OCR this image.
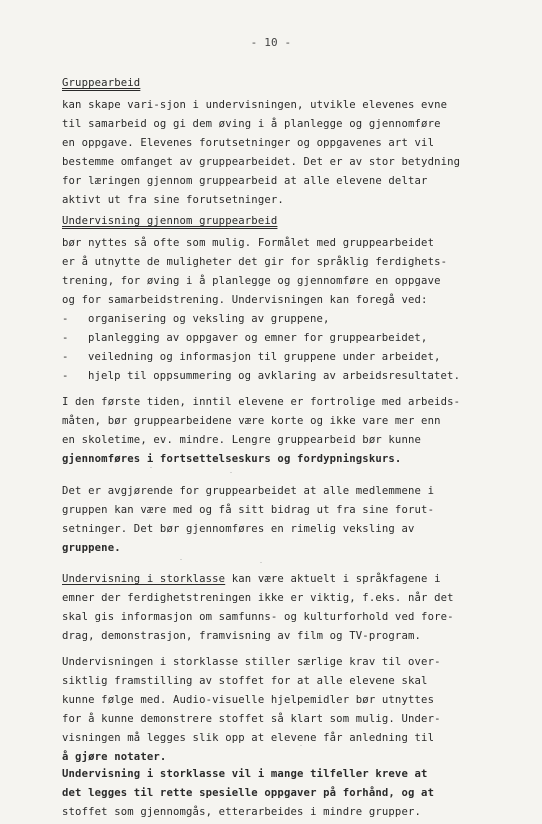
- 10 -
Gruppearbeid
kan skape vari-sjon i undervisningen, utvikle elevenes evne
til samarbeid og gi dem øving i å planlegge og gjennomføre
en oppgave. Elevenes forutsetninger og oppgavenes art vil
bestemme omfanget av gruppearbeidet. Det er av stor betydning
for læringen gjennom gruppearbeid at alle elevene deltar
aktivt ut fra sine forutsetninger.
Undervisning gjennom gruppearbeid
bør nyttes så ofte som mulig. Formålet med gruppearbeidet
er å utnytte de muligheter det gir for språklig ferdighets-
trening, for øving i å planlegge og gjennomføre en oppgave
og for samarbeidstrening. Undervisningen kan foregå ved:
- organisering og veksling av gruppene,
- planlegging av oppgaver og emner for gruppearbeidet,
- veiledning og informasjon til gruppene under arbeidet,
- hjelp til oppsummering og avklaring av arbeidsresultatet.
I den første tiden, inntil elevene er fortrolige med arbeids-
måten, bør gruppearbeidene være korte og ikke vare mer enn
en skoletime, ev. mindre. Lengre gruppearbeid bør kunne
gjennomføres i fortsettelseskurs og fordypningskurs.
Det er avgjørende for gruppearbeidet at alle medlemmene i
gruppen kan være med og få sitt bidrag ut fra sine forut-
setninger. Det bør gjennomføres en rimelig veksling av
gruppene.
Undervisning i storklasse kan være aktuelt i språkfagene i
emner der ferdighetstreningen ikke er viktig, f.eks. når det
skal gis informasjon om samfunns- og kulturforhold ved fore-
drag, demonstrasjon, framvisning av film og TV-program.
Undervisningen i storklasse stiller særlige krav til over-
siktlig framstilling av stoffet for at alle elevene skal
kunne følge med. Audio-visuelle hjelpemidler bør utnyttes
for å kunne demonstrere stoffet så klart som mulig. Under-
visningen må legges slik opp at elevene får anledning til
å gjøre notater.
Undervisning i storklasse vil i mange tilfeller kreve at
det legges til rette spesielle oppgaver på forhånd, og at
stoffet som gjennomgås, etterarbeides i mindre grupper.
